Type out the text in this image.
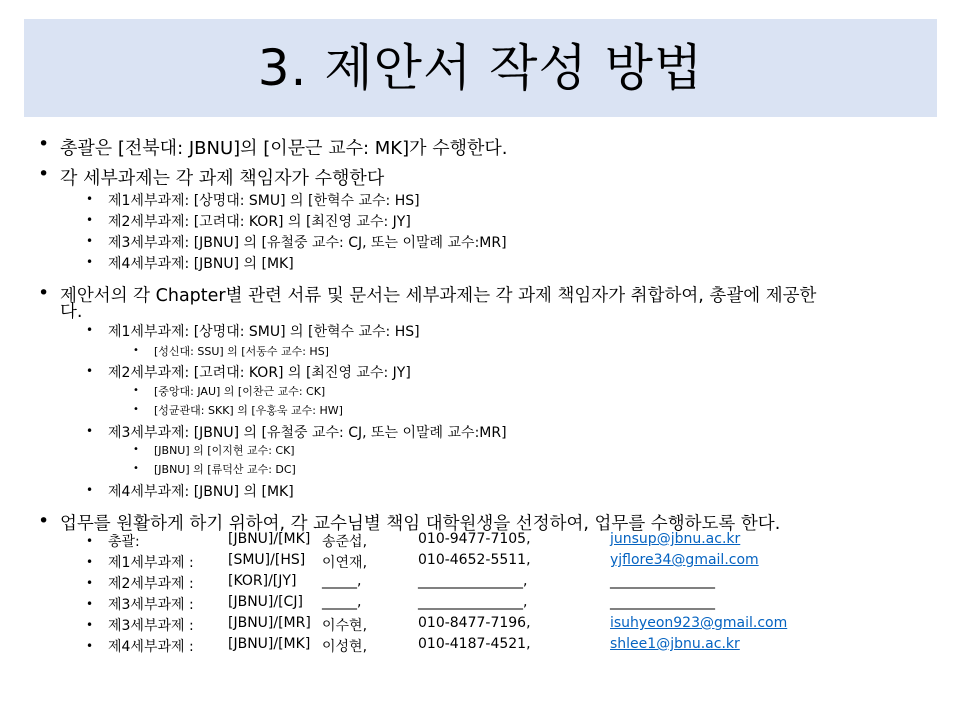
3. 제안서 작성 방법
• 총괄은 [전북대: JBNU]의 [이문근 교수: MK]가 수행한다.
• 각 세부과제는 각 과제 책임자가 수행한다
• 제1세부과제: [상명대: SMU] 의 [한혁수 교수: HS]
• 제2세부과제: [고려대: KOR] 의 [최진영 교수: JY]
• 제3세부과제: [JBNU] 의 [유철중 교수: CJ, 또는 이말례 교수:MR]
• 제4세부과제: [JBNU] 의 [MK]
• 제안서의 각 Chapter별 관련 서류 및 문서는 세부과제는 각 과제 책임자가 취합하여, 총괄에 제공한
다.
• 제1세부과제: [상명대: SMU] 의 [한혁수 교수: HS]
• [성신대: SSU] 의 [서동수 교수: HS]
• 제2세부과제: [고려대: KOR] 의 [최진영 교수: JY]
• [중앙대: JAU] 의 [이찬근 교수: CK]
• [성균관대: SKK] 의 [우홍욱 교수: HW]
• 제3세부과제: [JBNU] 의 [유철중 교수: CJ, 또는 이말례 교수:MR]
• [JBNU] 의 [이지현 교수: CK]
• [JBNU] 의 [류덕산 교수: DC]
• 제4세부과제: [JBNU] 의 [MK]
• 업무를 원활하게 하기 위하여, 각 교수님별 책임 대학원생을 선정하여, 업무를 수행하도록 한다.
• 총괄:	[JBNU]/[MK] 송준섭,	010-9477-7105,	junsup@jbnu.ac.kr
• 제1세부과제 : [SMU]/[HS] 이연재,	010-4652-5511,	yjflore34@gmail.com
• 제2세부과제 : [KOR]/[JY] _____,	_______________,	_______________
• 제3세부과제 : [JBNU]/[CJ] _____,	_______________,	_______________
• 제3세부과제 : [JBNU]/[MR] 이수현,	010-8477-7196,	isuhyeon923@gmail.com
• 제4세부과제 : [JBNU]/[MK] 이성현,	010-4187-4521,	shlee1@jbnu.ac.kr
